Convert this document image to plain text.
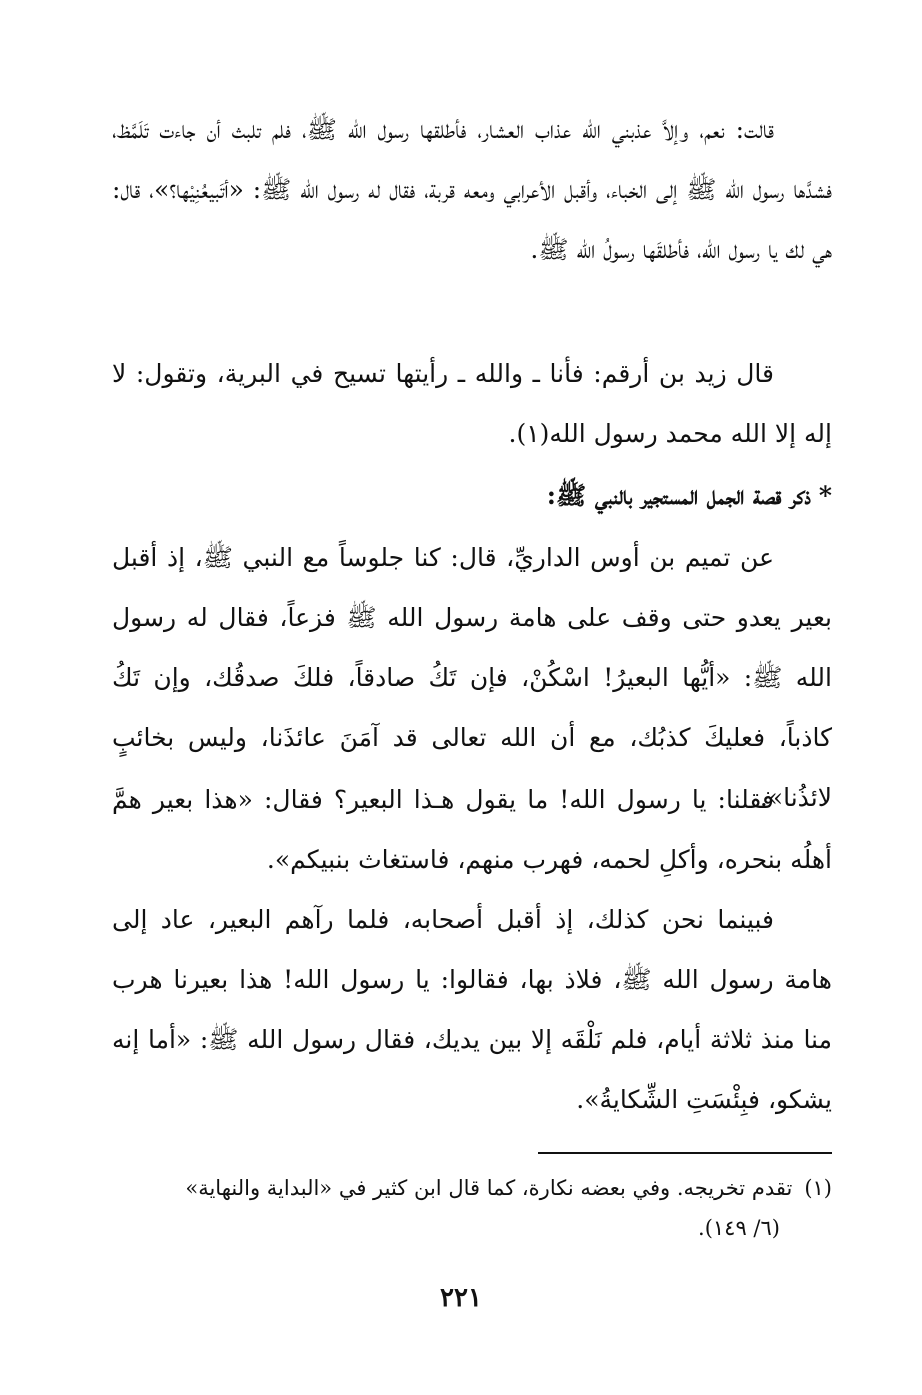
قالت: نعم، وإلاَّ عذبني الله عذاب العشار، فأطلقها رسول الله ﷺ، فلم تلبث أن جاءت تَلَمَّظ، فشدَّها رسول الله ﷺ إلى الخباء، وأقبل الأعرابي ومعه قربة، فقال له رسول الله ﷺ: «أتَبيعُنِيْها؟»، قال: هي لك يا رسول الله، فأطلقَها رسولُ الله ﷺ.

قال زيد بن أرقم: فأنا ـ والله ـ رأيتها تسيح في البرية، وتقول: لا إله إلا الله محمد رسول الله(١).

*ذكر قصة الجمل المستجير بالنبي ﷺ:

عن تميم بن أوس الداريِّ، قال: كنا جلوساً مع النبي ﷺ، إذ أقبل بعير يعدو حتى وقف على هامة رسول الله ﷺ فزعاً، فقال له رسول الله ﷺ: «أيُّها البعيرُ! اسْكُنْ، فإن تَكُ صادقاً، فلكَ صدقُك، وإن تَكُ كاذباً، فعليكَ كذبُك، مع أن الله تعالى قد آمَنَ عائذَنا، وليس بخائبٍ لائذُنا».

فقلنا: يا رسول الله! ما يقول هـذا البعير؟ فقال: «هذا بعير همَّ أهلُه بنحره، وأكلِ لحمه، فهرب منهم، فاستغاث بنبيكم».

فبينما نحن كذلك، إذ أقبل أصحابه، فلما رآهم البعير، عاد إلى هامة رسول الله ﷺ، فلاذ بها، فقالوا: يا رسول الله! هذا بعيرنا هرب منا منذ ثلاثة أيام، فلم نَلْقَه إلا بين يديك، فقال رسول الله ﷺ: «أما إنه يشكو، فبِئْسَتِ الشِّكايةُ».

(١)تقدم تخريجه. وفي بعضه نكارة، كما قال ابن كثير في «البداية والنهاية»
(٦/ ١٤٩).
٢٢١
